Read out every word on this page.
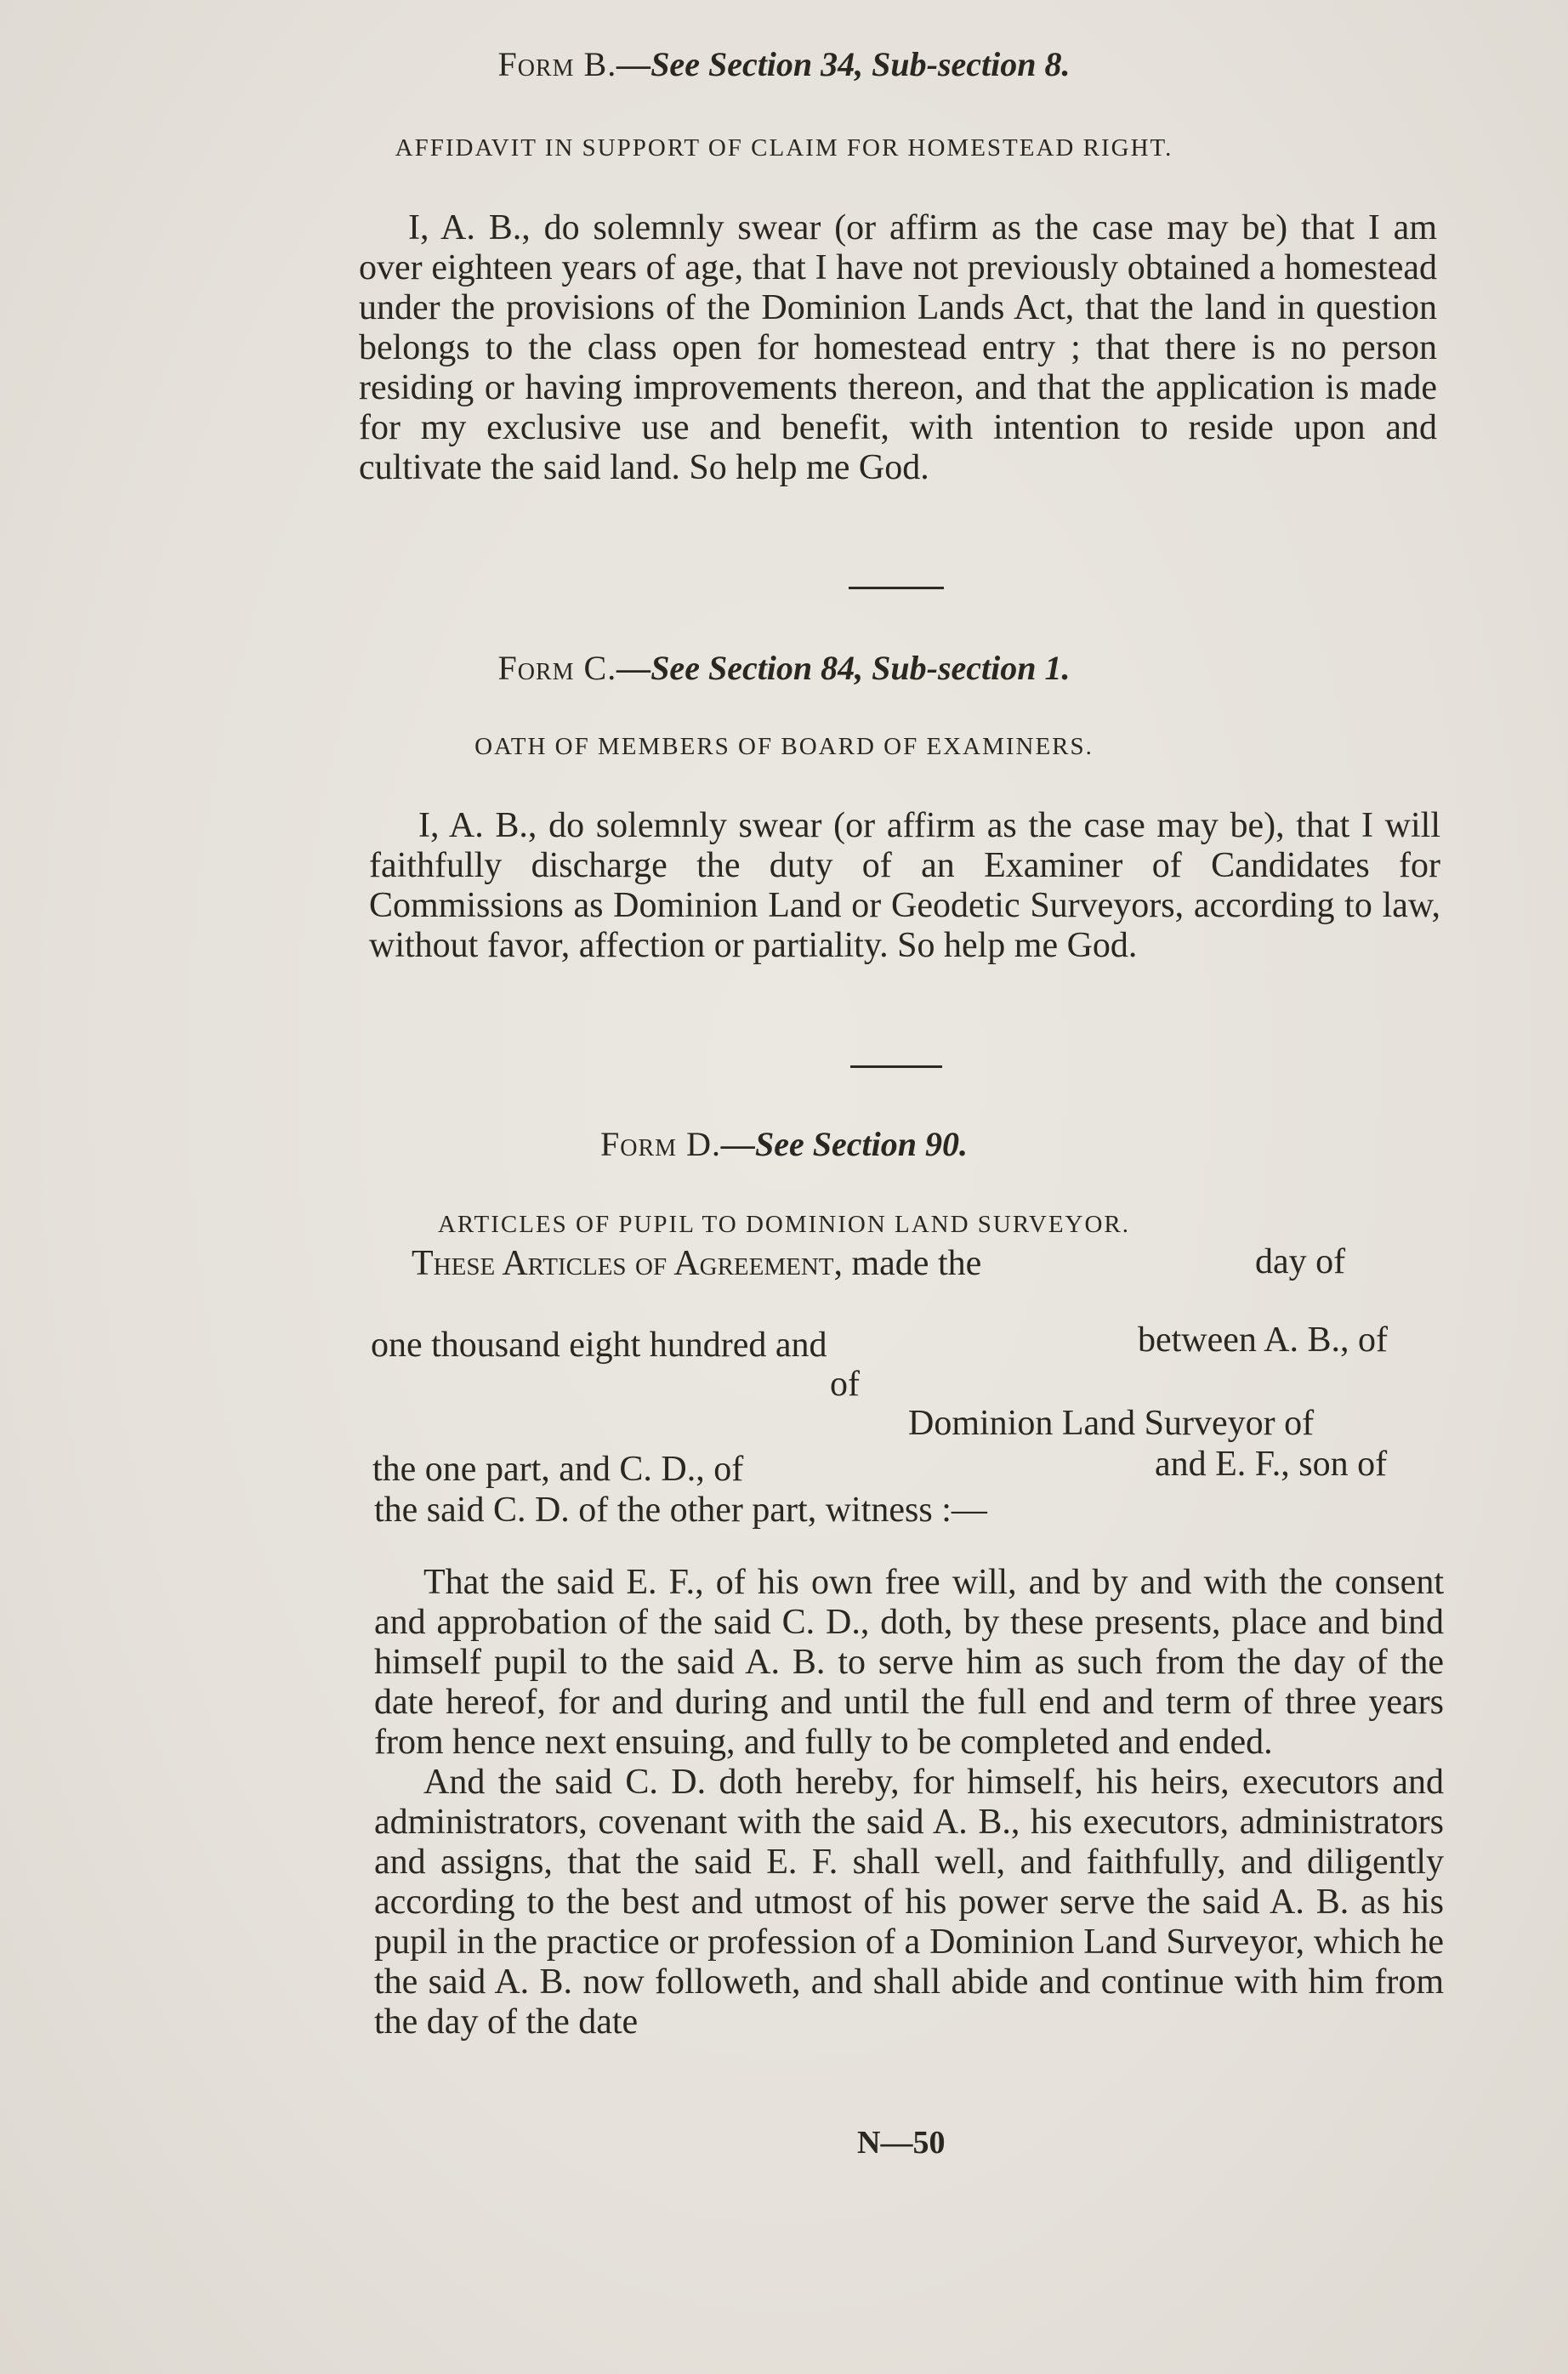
Form B.—See Section 34, Sub-section 8.
AFFIDAVIT IN SUPPORT OF CLAIM FOR HOMESTEAD RIGHT.

I, A. B., do solemnly swear (or affirm as the case may be) that I am over eighteen years of age, that I have not previously obtained a homestead under the provisions of the Dominion Lands Act, that the land in question belongs to the class open for homestead entry ; that there is no person residing or having improvements thereon, and that the application is made for my exclusive use and benefit, with intention to reside upon and cultivate the said land. So help me God.

Form C.—See Section 84, Sub-section 1.
OATH OF MEMBERS OF BOARD OF EXAMINERS.

I, A. B., do solemnly swear (or affirm as the case may be), that I will faithfully discharge the duty of an Examiner of Candidates for Commissions as Dominion Land or Geodetic Surveyors, according to law, without favor, affection or partiality. So help me God.

Form D.—See Section 90.
ARTICLES OF PUPIL TO DOMINION LAND SURVEYOR.
These Articles of Agreement, made the	day of
one thousand eight hundred and	between A. B., of
of
Dominion Land Surveyor of
the one part, and C. D., of	and E. F., son of
the said C. D. of the other part, witness :—

That the said E. F., of his own free will, and by and with the consent and approbation of the said C. D., doth, by these presents, place and bind himself pupil to the said A. B. to serve him as such from the day of the date hereof, for and during and until the full end and term of three years from hence next ensuing, and fully to be completed and ended.

And the said C. D. doth hereby, for himself, his heirs, executors and administrators, covenant with the said A. B., his executors, administrators and assigns, that the said E. F. shall well, and faithfully, and diligently according to the best and utmost of his power serve the said A. B. as his pupil in the practice or profession of a Dominion Land Surveyor, which he the said A. B. now followeth, and shall abide and continue with him from the day of the date

N—50
